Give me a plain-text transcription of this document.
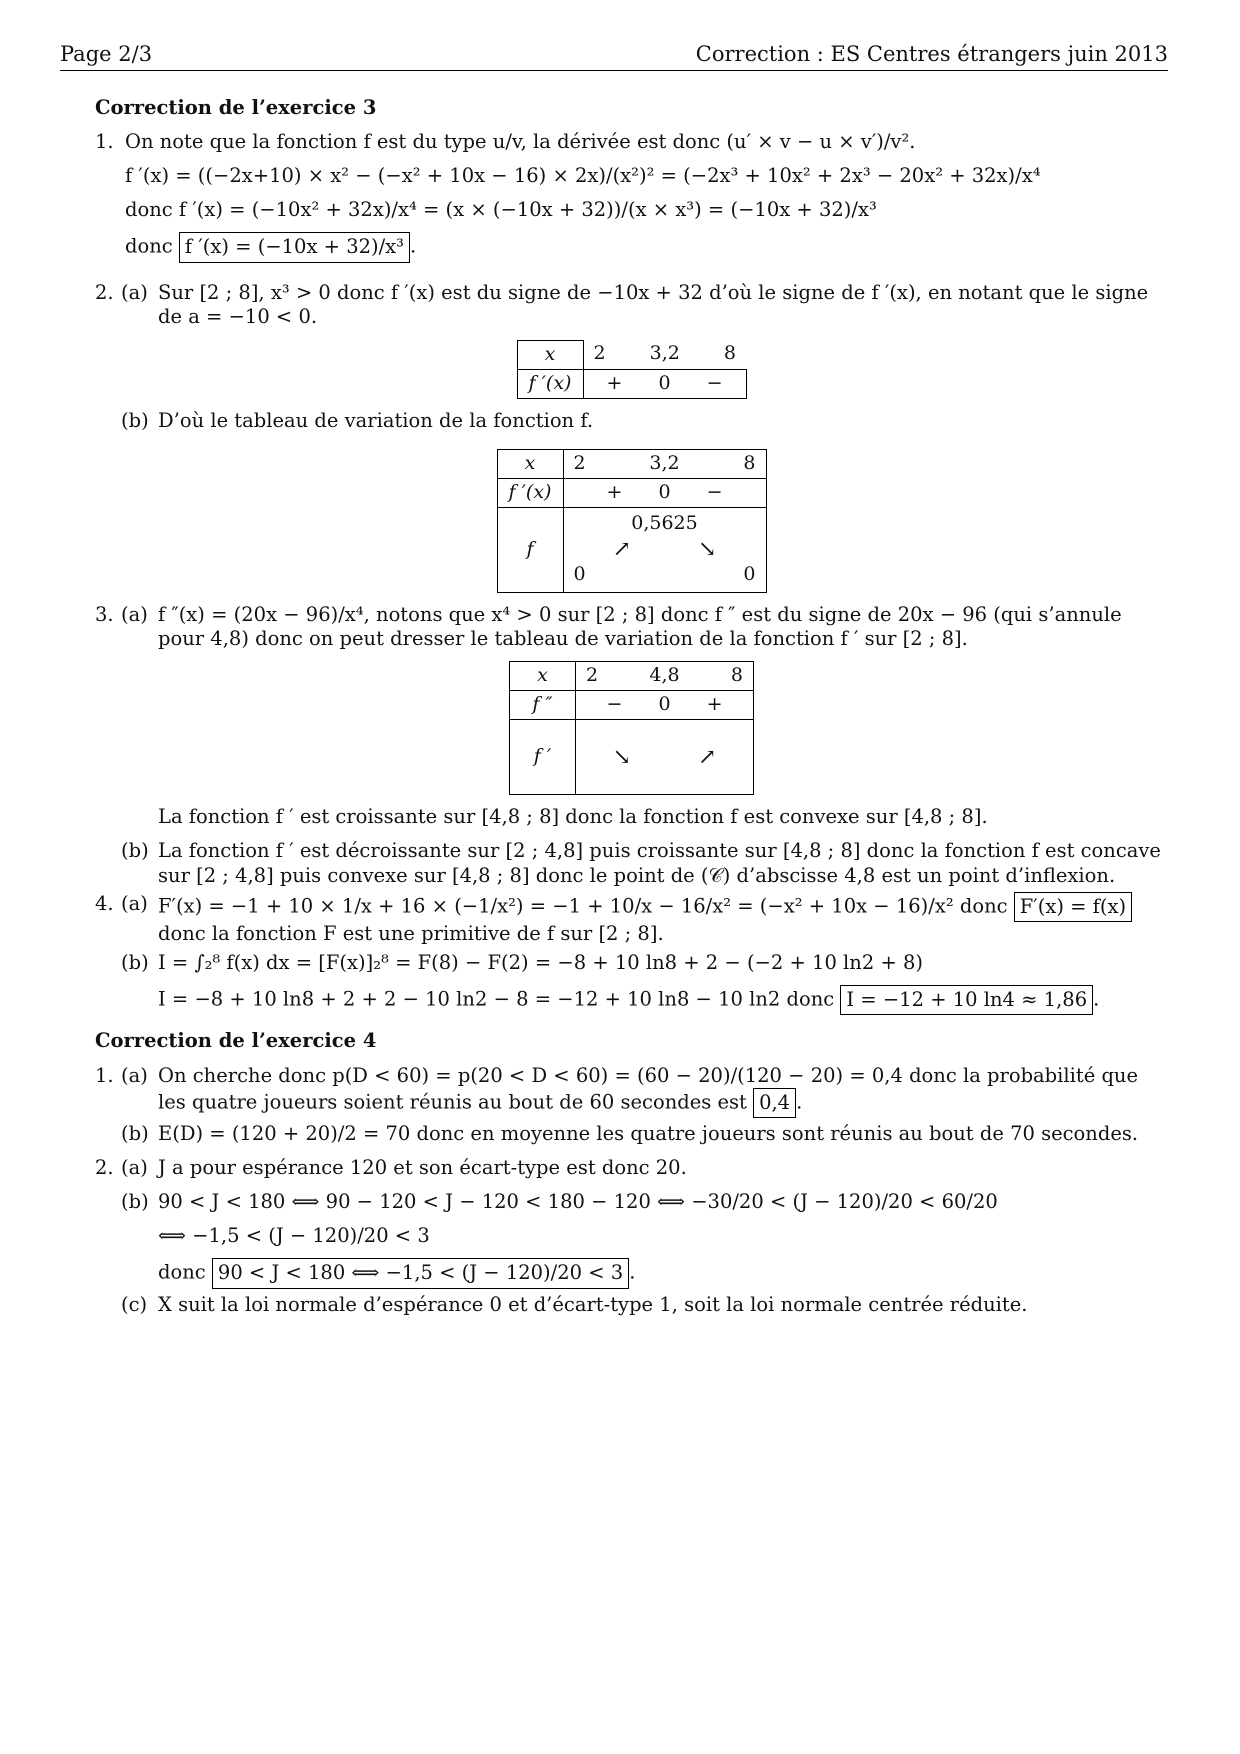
Page 2/3	Correction : ES Centres étrangers juin 2013
Correction de l’exercice 3
1. On note que la fonction f est du type u/v, la dérivée est donc (u′ × v − u × v′)/v².
f ′(x) = ((−2x+10) × x² − (−x² + 10x − 16) × 2x)/(x²)² = (−2x³ + 10x² + 2x³ − 20x² + 32x)/x⁴
donc f ′(x) = (−10x² + 32x)/x⁴ = (x × (−10x + 32))/(x × x³) = (−10x + 32)/x³
donc f ′(x) = (−10x + 32)/x³ .
2. (a) Sur [2 ; 8], x³ > 0 donc f ′(x) est du signe de −10x + 32 d’où le signe de f ′(x), en notant que le signe de a = −10 < 0.
x	2 3,2 8

f ′(x)	+ 0 −
(b) D’où le tableau de variation de la fonction f.
x	2 3,2 8

f ′(x)	+ 0 −
f	0,5625
↗ ↘
0 0
3. (a) f ″(x) = (20x − 96)/x⁴, notons que x⁴ > 0 sur [2 ; 8] donc f ″ est du signe de 20x − 96 (qui s’annule pour 4,8) donc on peut dresser le tableau de variation de la fonction f ′ sur [2 ; 8].
x	2 4,8 8

f ″	− 0 +
f ′	↘ ↗
La fonction f ′ est croissante sur [4,8 ; 8] donc la fonction f est convexe sur [4,8 ; 8].
(b) La fonction f ′ est décroissante sur [2 ; 4,8] puis croissante sur [4,8 ; 8] donc la fonction f est concave sur [2 ; 4,8] puis convexe sur [4,8 ; 8] donc le point de (𝒞) d’abscisse 4,8 est un point d’inflexion.
4. (a) F′(x) = −1 + 10 × 1/x + 16 × (−1/x²) = −1 + 10/x − 16/x² = (−x² + 10x − 16)/x² donc F′(x) = f(x) donc la fonction F est une primitive de f sur [2 ; 8].
(b) I = ∫₂⁸ f(x) dx = [F(x)]₂⁸ = F(8) − F(2) = −8 + 10 ln8 + 2 − (−2 + 10 ln2 + 8)
I = −8 + 10 ln8 + 2 + 2 − 10 ln2 − 8 = −12 + 10 ln8 − 10 ln2 donc I = −12 + 10 ln4 ≈ 1,86 .
Correction de l’exercice 4
1. (a) On cherche donc p(D < 60) = p(20 < D < 60) = (60 − 20)/(120 − 20) = 0,4 donc la probabilité que les quatre joueurs soient réunis au bout de 60 secondes est 0,4 .
(b) E(D) = (120 + 20)/2 = 70 donc en moyenne les quatre joueurs sont réunis au bout de 70 secondes.
2. (a) J a pour espérance 120 et son écart-type est donc 20.
(b) 90 < J < 180 ⟺ 90 − 120 < J − 120 < 180 − 120 ⟺ −30/20 < (J − 120)/20 < 60/20
⟺ −1,5 < (J − 120)/20 < 3
donc 90 < J < 180 ⟺ −1,5 < (J − 120)/20 < 3 .
(c) X suit la loi normale d’espérance 0 et d’écart-type 1, soit la loi normale centrée réduite.
